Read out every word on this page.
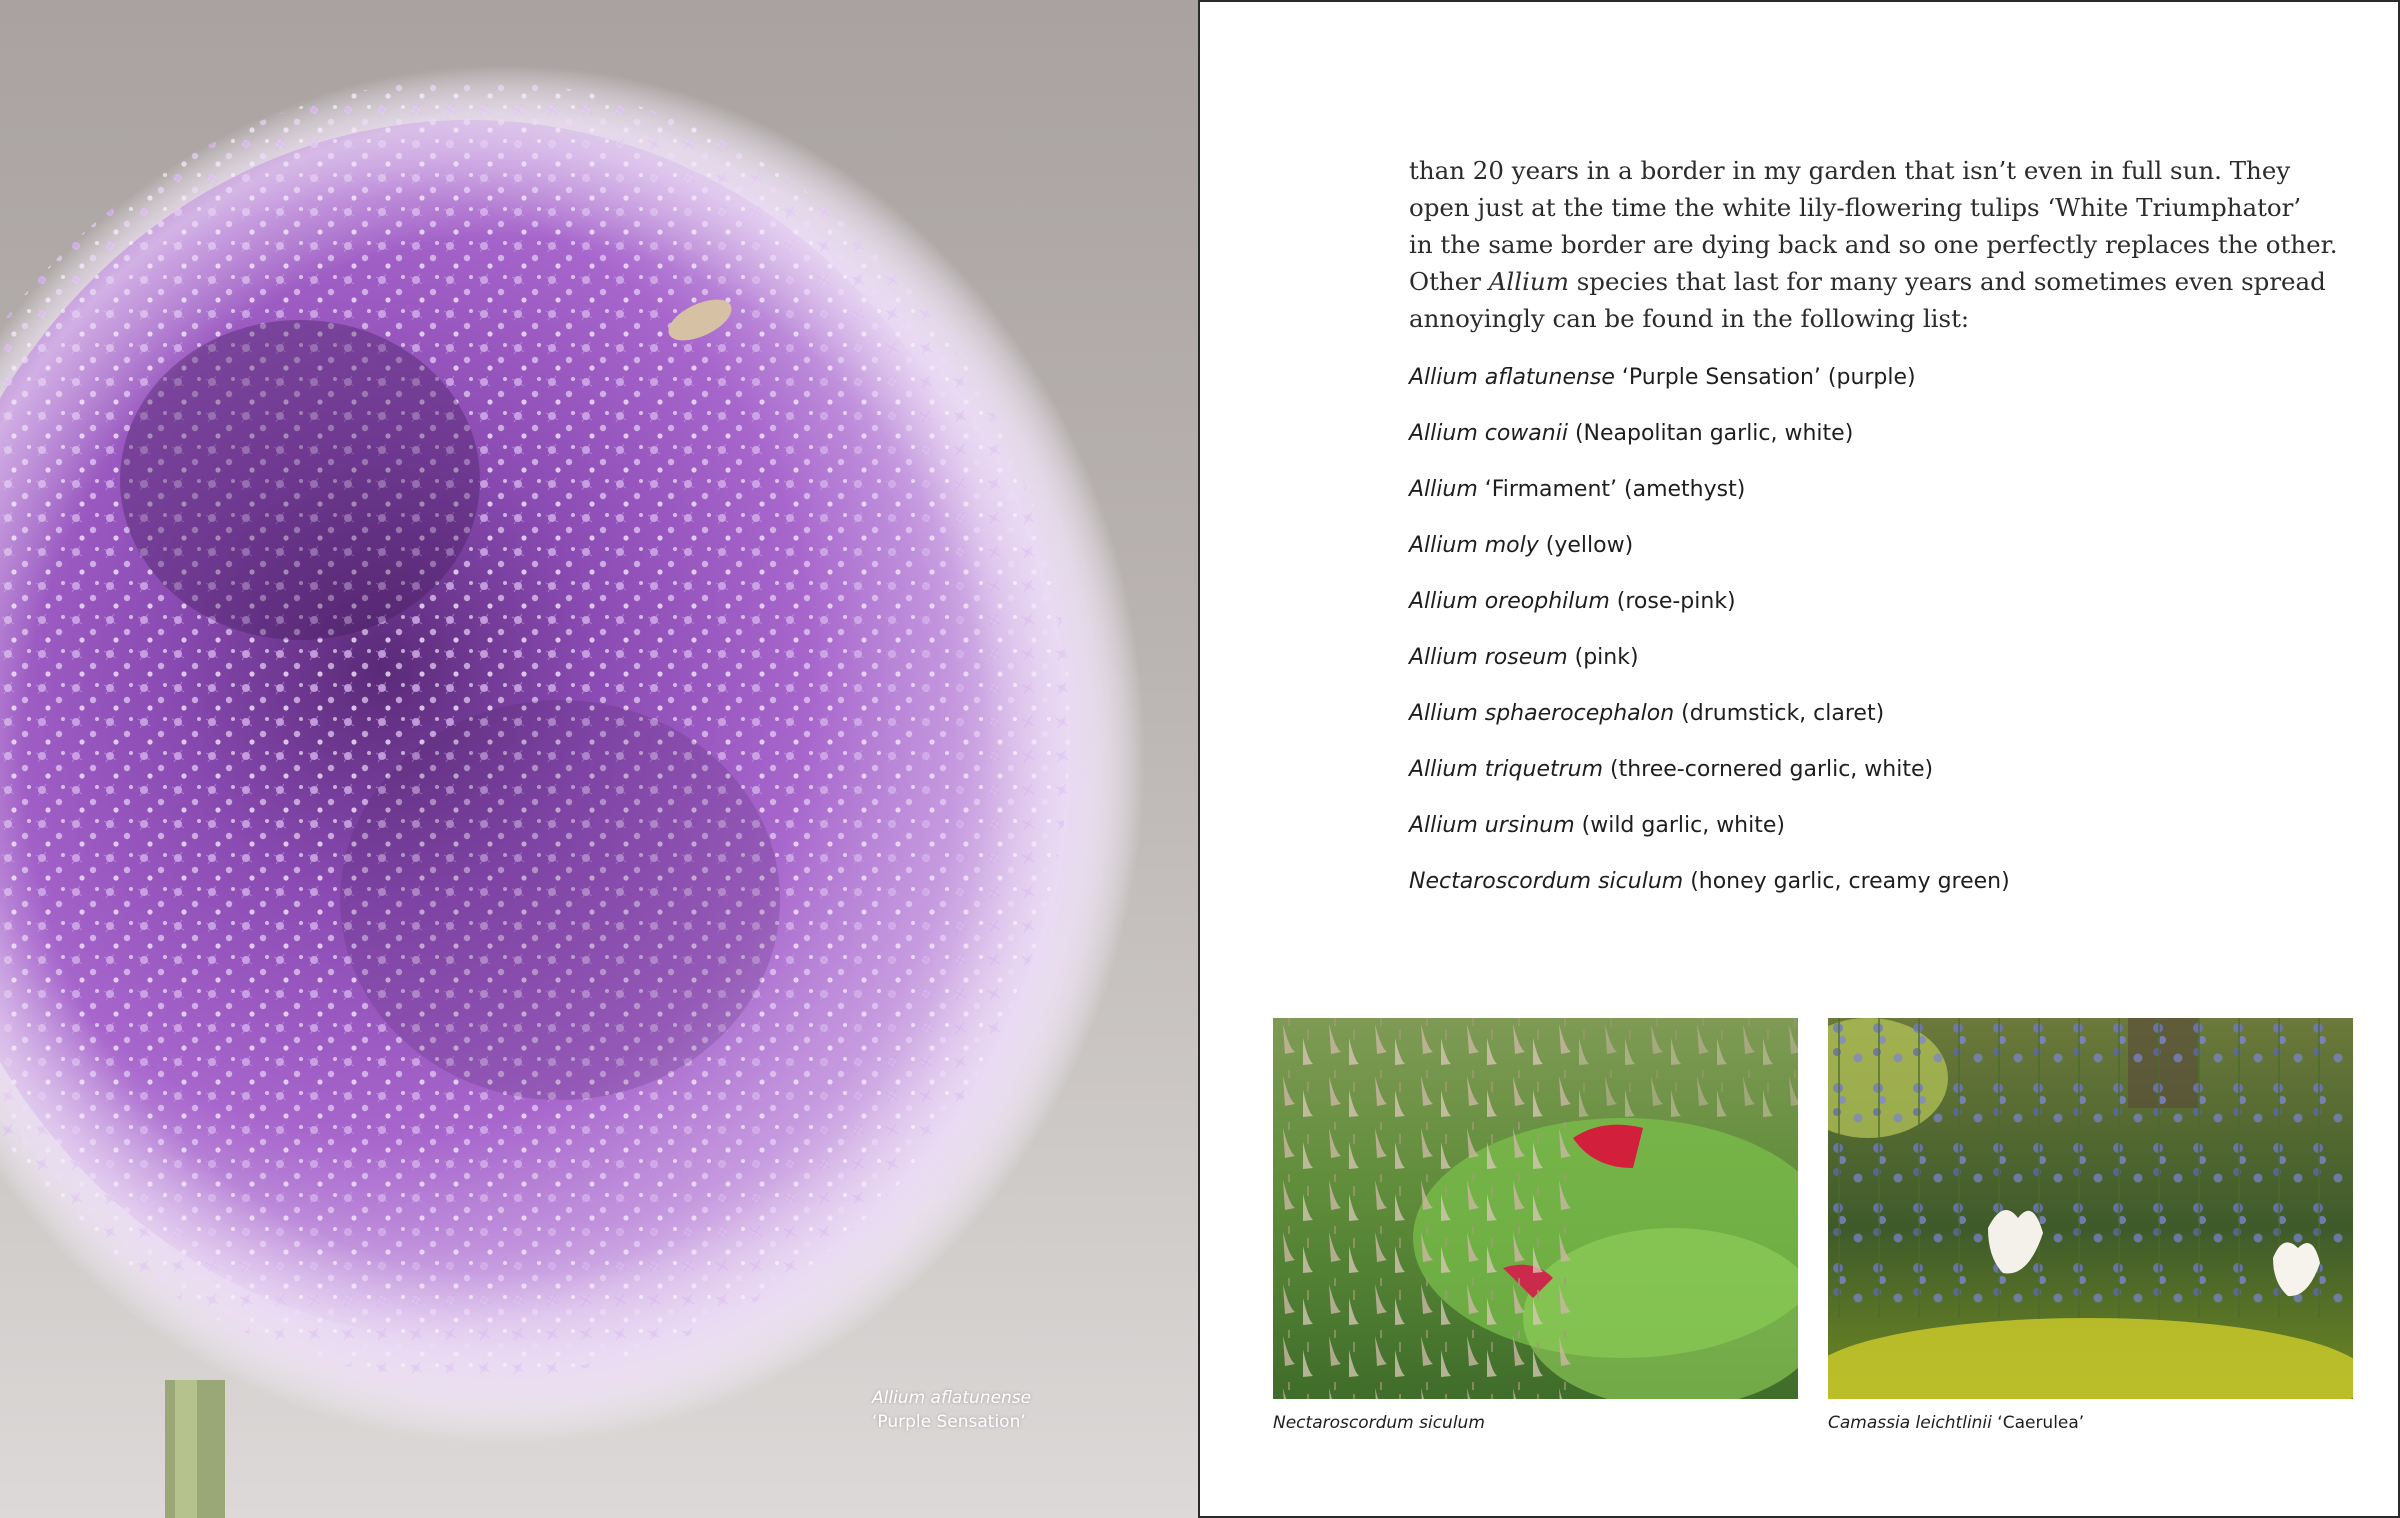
Allium aflatunense
‘Purple Sensation’

than 20 years in a border in my garden that isn’t even in full sun. They
open just at the time the white lily-flowering tulips ‘White Triumphator’
in the same border are dying back and so one perfectly replaces the other.
Other Allium species that last for many years and sometimes even spread
annoyingly can be found in the following list:

Allium aflatunense ‘Purple Sensation’ (purple)
Allium cowanii (Neapolitan garlic, white)
Allium ‘Firmament’ (amethyst)
Allium moly (yellow)
Allium oreophilum (rose-pink)
Allium roseum (pink)
Allium sphaerocephalon (drumstick, claret)
Allium triquetrum (three-cornered garlic, white)
Allium ursinum (wild garlic, white)
Nectaroscordum siculum (honey garlic, creamy green)
Nectaroscordum siculum	Camassia leichtlinii ‘Caerulea’
